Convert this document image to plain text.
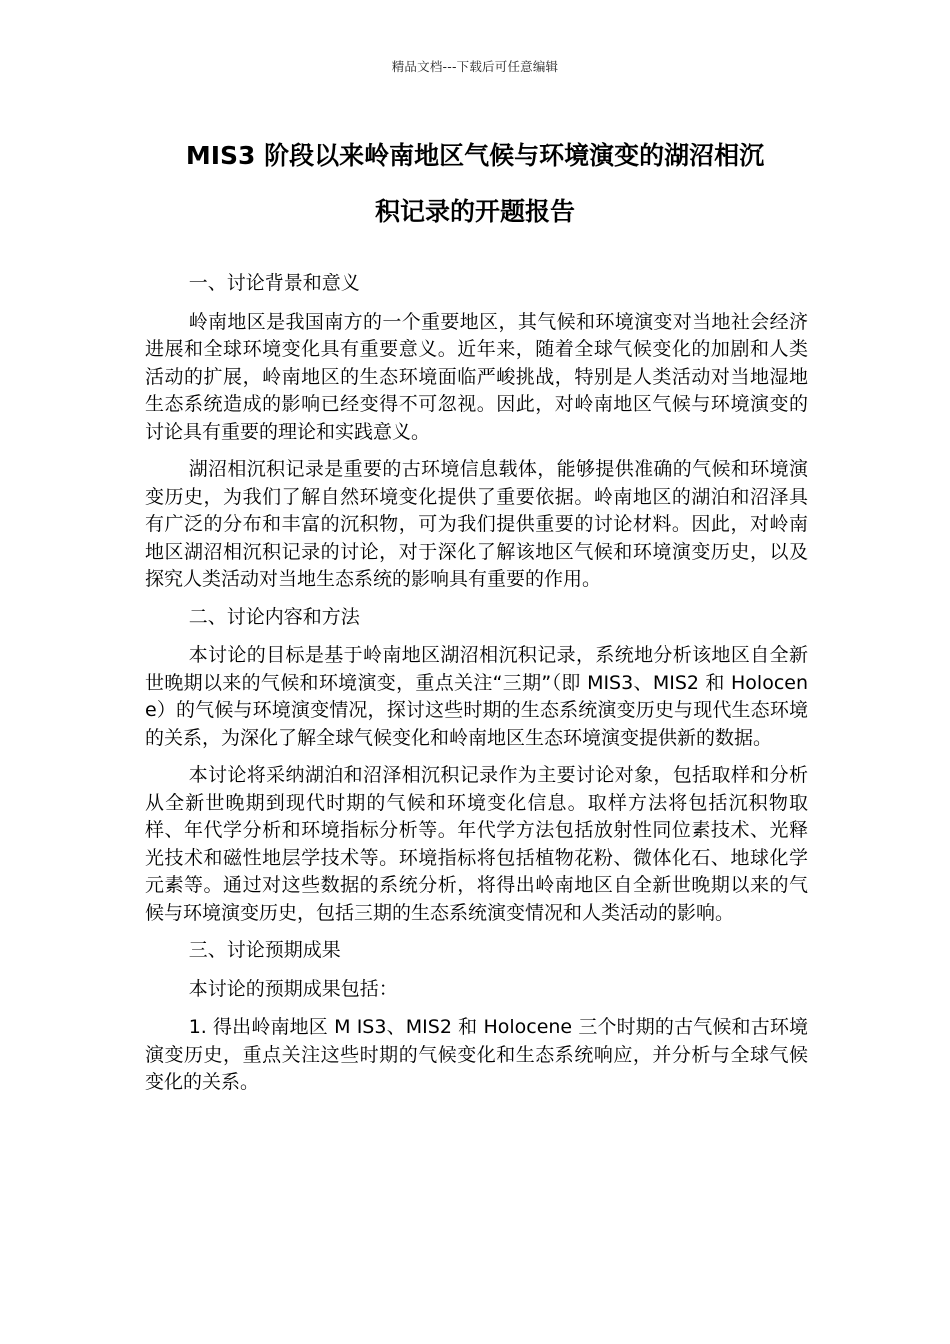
精品文档---下载后可任意编辑
MIS3 阶段以来岭南地区气候与环境演变的湖沼相沉
积记录的开题报告

一、讨论背景和意义

岭南地区是我国南方的一个重要地区，其气候和环境演变对当地社会经济进展和全球环境变化具有重要意义。近年来，随着全球气候变化的加剧和人类活动的扩展，岭南地区的生态环境面临严峻挑战，特别是人类活动对当地湿地生态系统造成的影响已经变得不可忽视。因此，对岭南地区气候与环境演变的讨论具有重要的理论和实践意义。

湖沼相沉积记录是重要的古环境信息载体，能够提供准确的气候和环境演变历史，为我们了解自然环境变化提供了重要依据。岭南地区的湖泊和沼泽具有广泛的分布和丰富的沉积物，可为我们提供重要的讨论材料。因此，对岭南地区湖沼相沉积记录的讨论，对于深化了解该地区气候和环境演变历史，以及探究人类活动对当地生态系统的影响具有重要的作用。

二、讨论内容和方法

本讨论的目标是基于岭南地区湖沼相沉积记录，系统地分析该地区自全新世晚期以来的气候和环境演变，重点关注“三期”（即 MIS3、MIS2 和 Holocene）的气候与环境演变情况，探讨这些时期的生态系统演变历史与现代生态环境的关系，为深化了解全球气候变化和岭南地区生态环境演变提供新的数据。

本讨论将采纳湖泊和沼泽相沉积记录作为主要讨论对象，包括取样和分析从全新世晚期到现代时期的气候和环境变化信息。取样方法将包括沉积物取样、年代学分析和环境指标分析等。年代学方法包括放射性同位素技术、光释光技术和磁性地层学技术等。环境指标将包括植物花粉、微体化石、地球化学元素等。通过对这些数据的系统分析，将得出岭南地区自全新世晚期以来的气候与环境演变历史，包括三期的生态系统演变情况和人类活动的影响。

三、讨论预期成果

本讨论的预期成果包括：

1. 得出岭南地区 M IS3、MIS2 和 Holocene 三个时期的古气候和古环境演变历史，重点关注这些时期的气候变化和生态系统响应，并分析与全球气候变化的关系。
